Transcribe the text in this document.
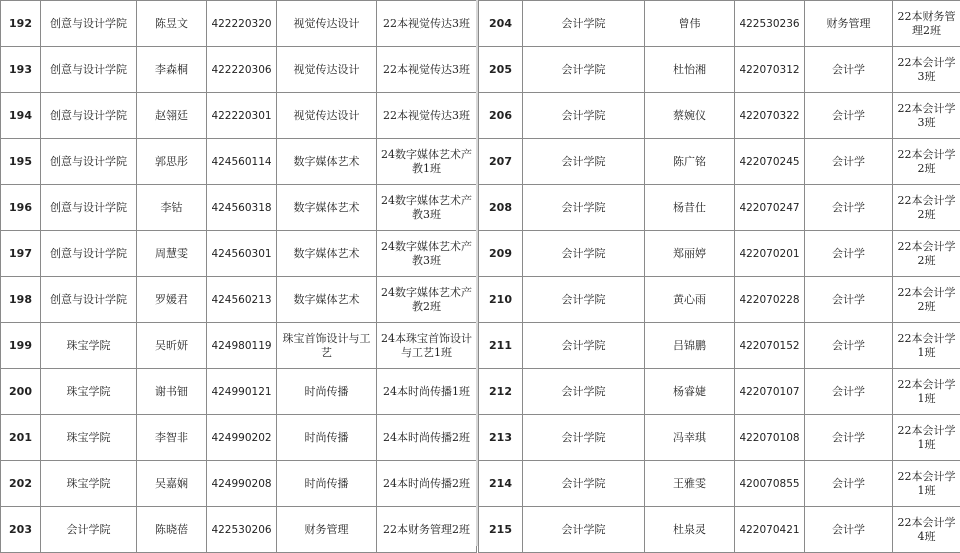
192	创意与设计学院	陈昱文	422220320	视觉传达设计	22本视觉传达3班
193	创意与设计学院	李森桐	422220306	视觉传达设计	22本视觉传达3班
194	创意与设计学院	赵翎廷	422220301	视觉传达设计	22本视觉传达3班
195	创意与设计学院	郭思彤	424560114	数字媒体艺术	24数字媒体艺术产教1班
196	创意与设计学院	李钴	424560318	数字媒体艺术	24数字媒体艺术产教3班
197	创意与设计学院	周慧雯	424560301	数字媒体艺术	24数字媒体艺术产教3班
198	创意与设计学院	罗媛君	424560213	数字媒体艺术	24数字媒体艺术产教2班
199	珠宝学院	吴昕妍	424980119	珠宝首饰设计与工艺	24本珠宝首饰设计与工艺1班
200	珠宝学院	谢书钿	424990121	时尚传播	24本时尚传播1班
201	珠宝学院	李智非	424990202	时尚传播	24本时尚传播2班
202	珠宝学院	吴嘉娴	424990208	时尚传播	24本时尚传播2班
203	会计学院	陈晓蓓	422530206	财务管理	22本财务管理2班
204	会计学院	曾伟	422530236	财务管理	22本财务管理2班
205	会计学院	杜怡湘	422070312	会计学	22本会计学3班
206	会计学院	蔡婉仪	422070322	会计学	22本会计学3班
207	会计学院	陈广铭	422070245	会计学	22本会计学2班
208	会计学院	杨昔仕	422070247	会计学	22本会计学2班
209	会计学院	郑丽婷	422070201	会计学	22本会计学2班
210	会计学院	黄心雨	422070228	会计学	22本会计学2班
211	会计学院	吕锦鹏	422070152	会计学	22本会计学1班
212	会计学院	杨睿婕	422070107	会计学	22本会计学1班
213	会计学院	冯幸琪	422070108	会计学	22本会计学1班
214	会计学院	王雅雯	420070855	会计学	22本会计学1班
215	会计学院	杜泉灵	422070421	会计学	22本会计学4班
